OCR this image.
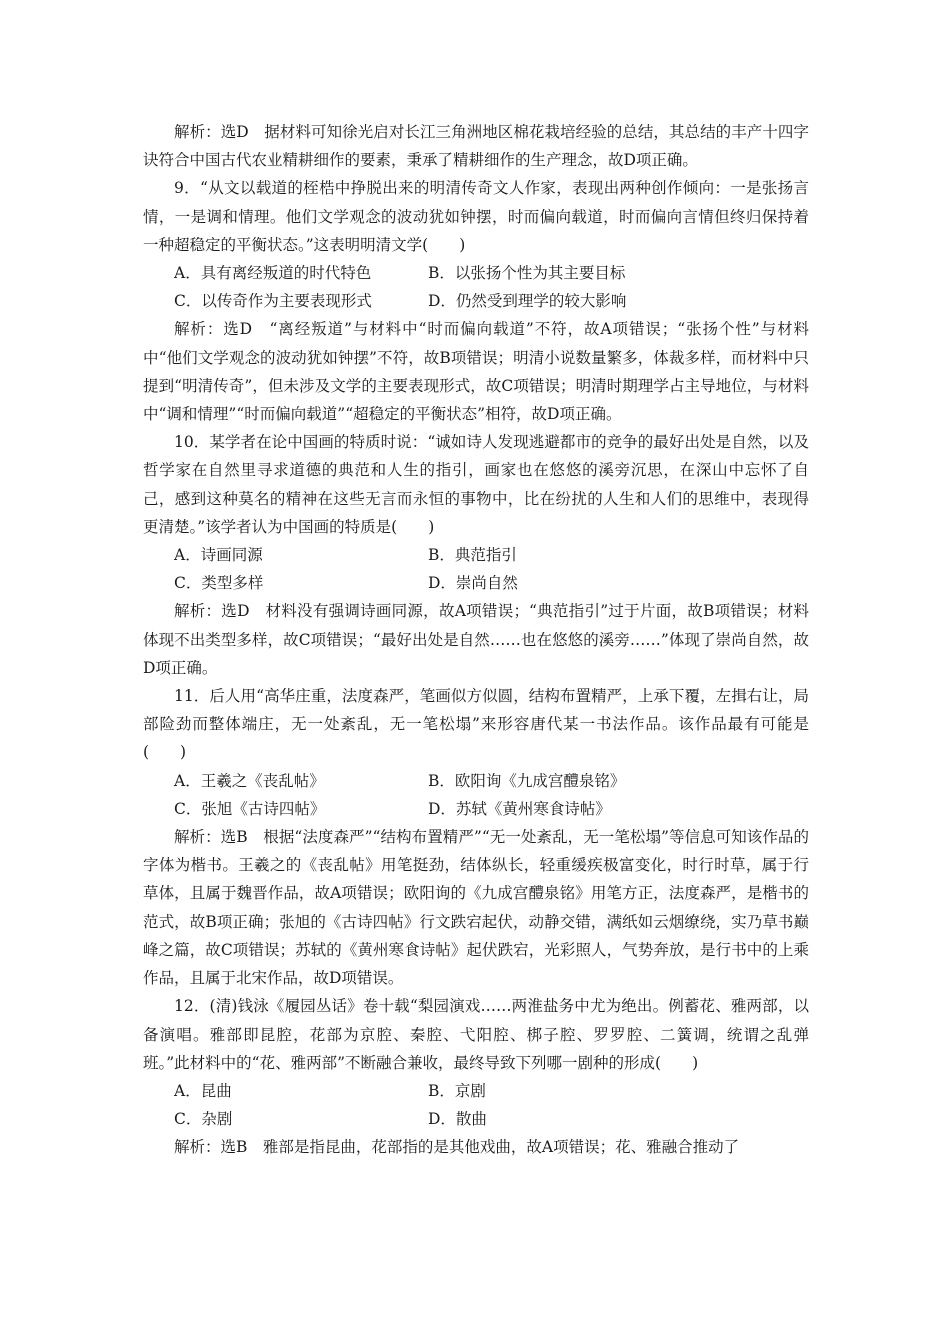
解析：选D　据材料可知徐光启对长江三角洲地区棉花栽培经验的总结，其总结的丰产十四字诀符合中国古代农业精耕细作的要素，秉承了精耕细作的生产理念，故D项正确。

9．“从文以载道的桎梏中挣脱出来的明清传奇文人作家，表现出两种创作倾向：一是张扬言情，一是调和情理。他们文学观念的波动犹如钟摆，时而偏向载道，时而偏向言情但终归保持着一种超稳定的平衡状态。”这表明明清文学(　　)

A．具有离经叛道的时代特色	B．以张扬个性为其主要目标
C．以传奇作为主要表现形式	D．仍然受到理学的较大影响

解析：选D　“离经叛道”与材料中“时而偏向载道”不符，故A项错误；“张扬个性”与材料中“他们文学观念的波动犹如钟摆”不符，故B项错误；明清小说数量繁多，体裁多样，而材料中只提到“明清传奇”，但未涉及文学的主要表现形式，故C项错误；明清时期理学占主导地位，与材料中“调和情理”“时而偏向载道”“超稳定的平衡状态”相符，故D项正确。

10．某学者在论中国画的特质时说：“诚如诗人发现逃避都市的竞争的最好出处是自然，以及哲学家在自然里寻求道德的典范和人生的指引，画家也在悠悠的溪旁沉思，在深山中忘怀了自己，感到这种莫名的精神在这些无言而永恒的事物中，比在纷扰的人生和人们的思维中，表现得更清楚。”该学者认为中国画的特质是(　　)

A．诗画同源	B．典范指引
C．类型多样	D．崇尚自然

解析：选D　材料没有强调诗画同源，故A项错误；“典范指引”过于片面，故B项错误；材料体现不出类型多样，故C项错误；“最好出处是自然……也在悠悠的溪旁……”体现了崇尚自然，故D项正确。

11．后人用“高华庄重，法度森严，笔画似方似圆，结构布置精严，上承下覆，左揖右让，局部险劲而整体端庄，无一处紊乱，无一笔松塌”来形容唐代某一书法作品。该作品最有可能是(　　)

A．王羲之《丧乱帖》	B．欧阳询《九成宫醴泉铭》
C．张旭《古诗四帖》	D．苏轼《黄州寒食诗帖》

解析：选B　根据“法度森严”“结构布置精严”“无一处紊乱，无一笔松塌”等信息可知该作品的字体为楷书。王羲之的《丧乱帖》用笔挺劲，结体纵长，轻重缓疾极富变化，时行时草，属于行草体，且属于魏晋作品，故A项错误；欧阳询的《九成宫醴泉铭》用笔方正，法度森严，是楷书的范式，故B项正确；张旭的《古诗四帖》行文跌宕起伏，动静交错，满纸如云烟缭绕，实乃草书巅峰之篇，故C项错误；苏轼的《黄州寒食诗帖》起伏跌宕，光彩照人，气势奔放，是行书中的上乘作品，且属于北宋作品，故D项错误。

12．(清)钱泳《履园丛话》卷十载“梨园演戏……两淮盐务中尤为绝出。例蓄花、雅两部，以备演唱。雅部即昆腔，花部为京腔、秦腔、弋阳腔、梆子腔、罗罗腔、二簧调，统谓之乱弹班。”此材料中的“花、雅两部”不断融合兼收，最终导致下列哪一剧种的形成(　　)

A．昆曲	B．京剧
C．杂剧	D．散曲

解析：选B　雅部是指昆曲，花部指的是其他戏曲，故A项错误；花、雅融合推动了
